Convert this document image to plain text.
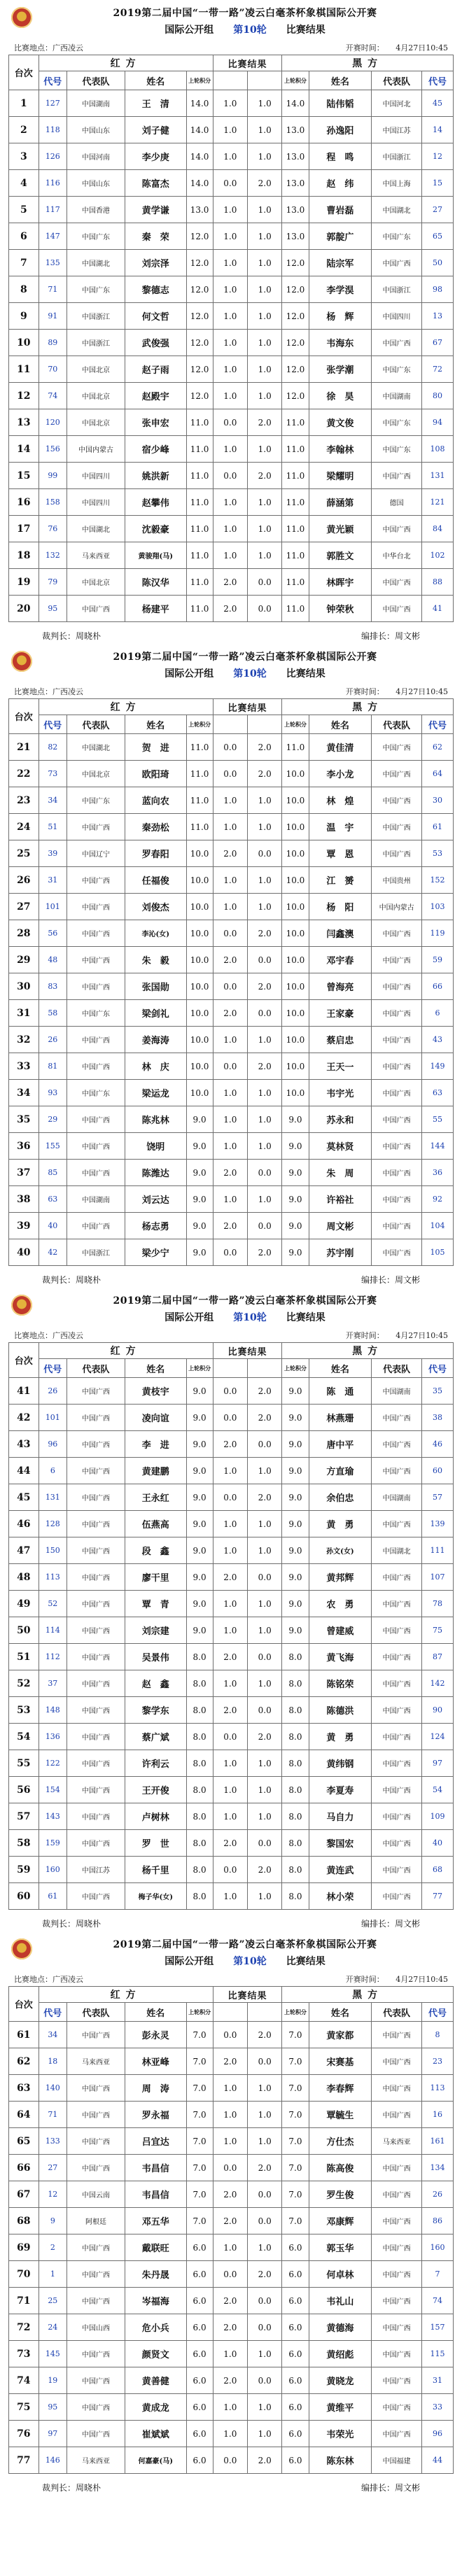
2019第二届中国“一带一路”凌云白毫茶杯象棋国际公开赛
国际公开组 第10轮 比赛结果
比赛地点：广西凌云	开赛时间：　　4月27日10:45
台次	红方				比赛结果		黑方			
	代号	代表队	姓名	上轮积分			上轮积分	姓名	代表队	代号
1	127	中国湖南	王　清	14.0	1.0	1.0	14.0	陆伟韬	中国河北	45
2	118	中国山东	刘子健	14.0	1.0	1.0	13.0	孙逸阳	中国江苏	14
3	126	中国河南	李少庚	14.0	1.0	1.0	13.0	程　鸣	中国浙江	12
4	116	中国山东	陈富杰	14.0	0.0	2.0	13.0	赵　纬	中国上海	15
5	117	中国香港	黄学谦	13.0	1.0	1.0	13.0	曹岩磊	中国湖北	27
6	147	中国广东	秦　荣	12.0	1.0	1.0	13.0	郭靛广	中国广东	65
7	135	中国湖北	刘宗泽	12.0	1.0	1.0	12.0	陆宗军	中国广西	50
8	71	中国广东	黎德志	12.0	1.0	1.0	12.0	李学淏	中国浙江	98
9	91	中国浙江	何文哲	12.0	1.0	1.0	12.0	杨　辉	中国四川	13
10	89	中国浙江	武俊强	12.0	1.0	1.0	12.0	韦海东	中国广西	67
11	70	中国北京	赵子雨	12.0	1.0	1.0	12.0	张学潮	中国广东	72
12	74	中国北京	赵殿宇	12.0	1.0	1.0	12.0	徐　昊	中国湖南	80
13	120	中国北京	张申宏	11.0	0.0	2.0	11.0	黄文俊	中国广东	94
14	156	中国内蒙古	宿少峰	11.0	1.0	1.0	11.0	李翰林	中国广东	108
15	99	中国四川	姚洪新	11.0	0.0	2.0	11.0	梁耀明	中国广西	131
16	158	中国四川	赵攀伟	11.0	1.0	1.0	11.0	薛涵第	德国	121
17	76	中国湖北	沈毅豪	11.0	1.0	1.0	11.0	黄光颖	中国广西	84
18	132	马来西亚	黄骏翔(马)	11.0	1.0	1.0	11.0	郭胜文	中华台北	102
19	79	中国北京	陈汉华	11.0	2.0	0.0	11.0	林晖宇	中国广西	88
20	95	中国广西	杨建平	11.0	2.0	0.0	11.0	钟荣秋	中国广西	41
裁判长：周晓朴	编排长：周文彬
2019第二届中国“一带一路”凌云白毫茶杯象棋国际公开赛
国际公开组 第10轮 比赛结果
比赛地点：广西凌云	开赛时间：　　4月27日10:45
台次	红方				比赛结果		黑方			
	代号	代表队	姓名	上轮积分			上轮积分	姓名	代表队	代号
21	82	中国湖北	贺　进	11.0	0.0	2.0	11.0	黄佳清	中国广西	62
22	73	中国北京	欧阳琦	11.0	0.0	2.0	10.0	李小龙	中国广西	64
23	34	中国广东	蓝向农	11.0	1.0	1.0	10.0	林　煌	中国广西	30
24	51	中国广西	秦劲松	11.0	1.0	1.0	10.0	温　宇	中国广西	61
25	39	中国辽宁	罗春阳	10.0	2.0	0.0	10.0	覃　恩	中国广西	53
26	31	中国广西	任福俊	10.0	1.0	1.0	10.0	江　赟	中国贵州	152
27	101	中国广西	刘俊杰	10.0	1.0	1.0	10.0	杨　阳	中国内蒙古	103
28	56	中国广西	李沁(女)	10.0	0.0	2.0	10.0	闫鑫澳	中国广西	119
29	48	中国广西	朱　毅	10.0	2.0	0.0	10.0	邓宇春	中国广西	59
30	83	中国广西	张国勋	10.0	0.0	2.0	10.0	曾海亮	中国广西	66
31	58	中国广东	梁剑礼	10.0	2.0	0.0	10.0	王家豪	中国广西	6
32	26	中国广西	姜海涛	10.0	1.0	1.0	10.0	蔡启忠	中国广西	43
33	81	中国广西	林　庆	10.0	0.0	2.0	10.0	王天一	中国广西	149
34	93	中国广东	梁运龙	10.0	1.0	1.0	10.0	韦宇光	中国广西	63
35	29	中国广西	陈兆林	9.0	1.0	1.0	9.0	苏永和	中国广西	55
36	155	中国广西	饶明	9.0	1.0	1.0	9.0	莫林贤	中国广西	144
37	85	中国广西	陈潍达	9.0	2.0	0.0	9.0	朱　周	中国广西	36
38	63	中国湖南	刘云达	9.0	1.0	1.0	9.0	许裕社	中国广西	92
39	40	中国广西	杨志勇	9.0	2.0	0.0	9.0	周文彬	中国广西	104
40	42	中国浙江	梁少宁	9.0	0.0	2.0	9.0	苏宇刚	中国广西	105
裁判长：周晓朴	编排长：周文彬
2019第二届中国“一带一路”凌云白毫茶杯象棋国际公开赛
国际公开组 第10轮 比赛结果
比赛地点：广西凌云	开赛时间：　　4月27日10:45
台次	红方				比赛结果		黑方			
	代号	代表队	姓名	上轮积分			上轮积分	姓名	代表队	代号
41	26	中国广西	黄枝宇	9.0	0.0	2.0	9.0	陈　通	中国湖南	35
42	101	中国广西	凌向谊	9.0	0.0	2.0	9.0	林燕珊	中国广西	38
43	96	中国广西	李　进	9.0	2.0	0.0	9.0	唐中平	中国广西	46
44	6	中国广西	黄建鹏	9.0	1.0	1.0	9.0	方直瑜	中国广西	60
45	131	中国广西	王永红	9.0	0.0	2.0	9.0	余伯忠	中国湖南	57
46	128	中国广西	伍燕高	9.0	1.0	1.0	9.0	黄　勇	中国广西	139
47	150	中国广西	段　鑫	9.0	1.0	1.0	9.0	孙文(女)	中国湖北	111
48	113	中国广西	廖干里	9.0	2.0	0.0	9.0	黄邦辉	中国广西	107
49	52	中国广西	覃　青	9.0	1.0	1.0	9.0	农　勇	中国广西	78
50	114	中国广西	刘宗建	9.0	1.0	1.0	9.0	曾建威	中国广西	75
51	112	中国广西	吴景伟	8.0	2.0	0.0	8.0	黄飞海	中国广西	87
52	37	中国广西	赵　鑫	8.0	1.0	1.0	8.0	陈铭荣	中国广西	142
53	148	中国广西	黎学东	8.0	2.0	0.0	8.0	陈德洪	中国广西	90
54	136	中国广西	蔡广斌	8.0	0.0	2.0	8.0	黄　勇	中国广西	124
55	122	中国广西	许利云	8.0	1.0	1.0	8.0	黄纬钢	中国广西	97
56	154	中国广西	王开俊	8.0	1.0	1.0	8.0	李夏寿	中国广西	54
57	143	中国广西	卢树林	8.0	1.0	1.0	8.0	马自力	中国广西	109
58	159	中国广西	罗　世	8.0	2.0	0.0	8.0	黎国宏	中国广西	40
59	160	中国江苏	杨千里	8.0	0.0	2.0	8.0	黄连武	中国广西	68
60	61	中国广西	梅子华(女)	8.0	1.0	1.0	8.0	林小荣	中国广西	77
裁判长：周晓朴	编排长：周文彬
2019第二届中国“一带一路”凌云白毫茶杯象棋国际公开赛
国际公开组 第10轮 比赛结果
比赛地点：广西凌云	开赛时间：　　4月27日10:45
台次	红方				比赛结果		黑方			
	代号	代表队	姓名	上轮积分			上轮积分	姓名	代表队	代号
61	34	中国广西	彭永灵	7.0	0.0	2.0	7.0	黄家都	中国广西	8
62	18	马来西亚	林亚峰	7.0	2.0	0.0	7.0	宋赛基	中国广西	23
63	140	中国广西	周　涛	7.0	1.0	1.0	7.0	李春辉	中国广西	113
64	71	中国广西	罗永福	7.0	1.0	1.0	7.0	覃毓生	中国广西	16
65	133	中国广西	吕宜达	7.0	1.0	1.0	7.0	方仕杰	马来西亚	161
66	27	中国广西	韦昌信	7.0	0.0	2.0	7.0	陈高俊	中国广西	134
67	12	中国云南	韦昌信	7.0	2.0	0.0	7.0	罗生俊	中国广西	26
68	9	阿根廷	邓五华	7.0	2.0	0.0	7.0	邓康辉	中国广西	86
69	2	中国广西	戴联旺	6.0	1.0	1.0	6.0	郭玉华	中国广西	160
70	1	中国广西	朱丹晟	6.0	0.0	2.0	6.0	何卓林	中国广西	7
71	25	中国广西	岑福海	6.0	2.0	0.0	6.0	韦礼山	中国广西	74
72	24	中国山西	危小兵	6.0	2.0	0.0	6.0	黄德海	中国广西	157
73	145	中国广西	颜贤文	6.0	1.0	1.0	6.0	黄绍彪	中国广西	115
74	19	中国广西	黄善健	6.0	2.0	0.0	6.0	黄晓龙	中国广西	31
75	95	中国广西	黄成龙	6.0	1.0	1.0	6.0	黄维平	中国广西	33
76	97	中国广西	崔斌斌	6.0	1.0	1.0	6.0	韦荣光	中国广西	96
77	146	马来西亚	何嘉豪(马)	6.0	0.0	2.0	6.0	陈东林	中国福建	44
裁判长：周晓朴	编排长：周文彬
